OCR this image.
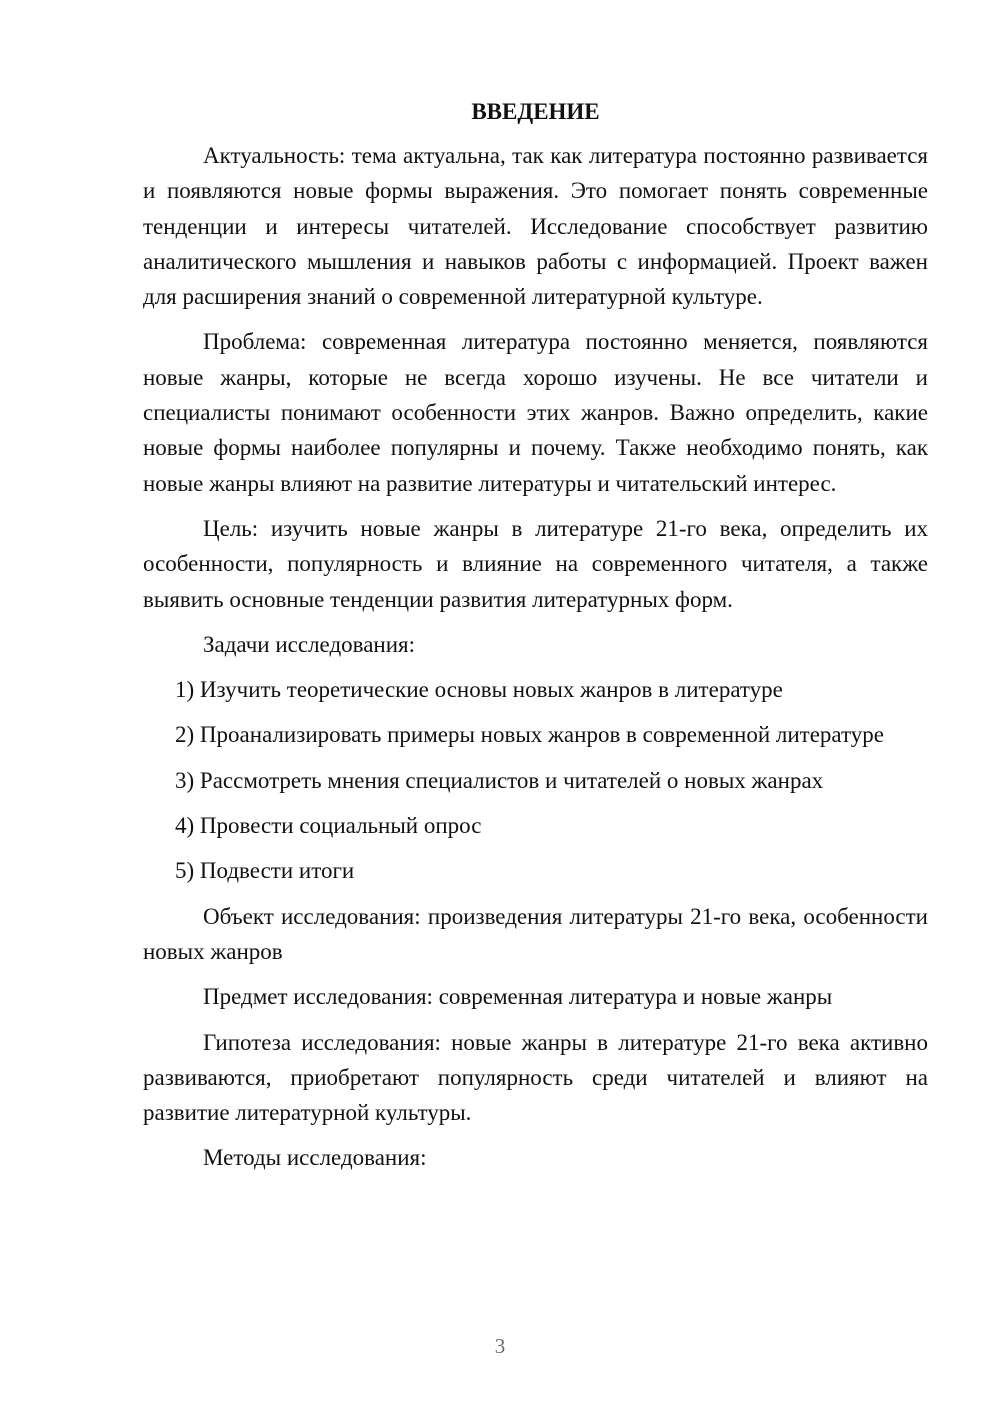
ВВЕДЕНИЕ

Актуальность: тема актуальна, так как литература постоянно развивается и появляются новые формы выражения. Это помогает понять современные тенденции и интересы читателей. Исследование способствует развитию аналитического мышления и навыков работы с информацией. Проект важен для расширения знаний о современной литературной культуре.

Проблема: современная литература постоянно меняется, появляются новые жанры, которые не всегда хорошо изучены. Не все читатели и специалисты понимают особенности этих жанров. Важно определить, какие новые формы наиболее популярны и почему. Также необходимо понять, как новые жанры влияют на развитие литературы и читательский интерес.

Цель: изучить новые жанры в литературе 21-го века, определить их особенности, популярность и влияние на современного читателя, а также выявить основные тенденции развития литературных форм.

Задачи исследования:

1) Изучить теоретические основы новых жанров в литературе

2) Проанализировать примеры новых жанров в современной литературе

3) Рассмотреть мнения специалистов и читателей о новых жанрах

4) Провести социальный опрос

5) Подвести итоги

Объект исследования: произведения литературы 21-го века, особенности новых жанров

Предмет исследования: современная литература и новые жанры

Гипотеза исследования: новые жанры в литературе 21-го века активно развиваются, приобретают популярность среди читателей и влияют на развитие литературной культуры.

Методы исследования:

3
